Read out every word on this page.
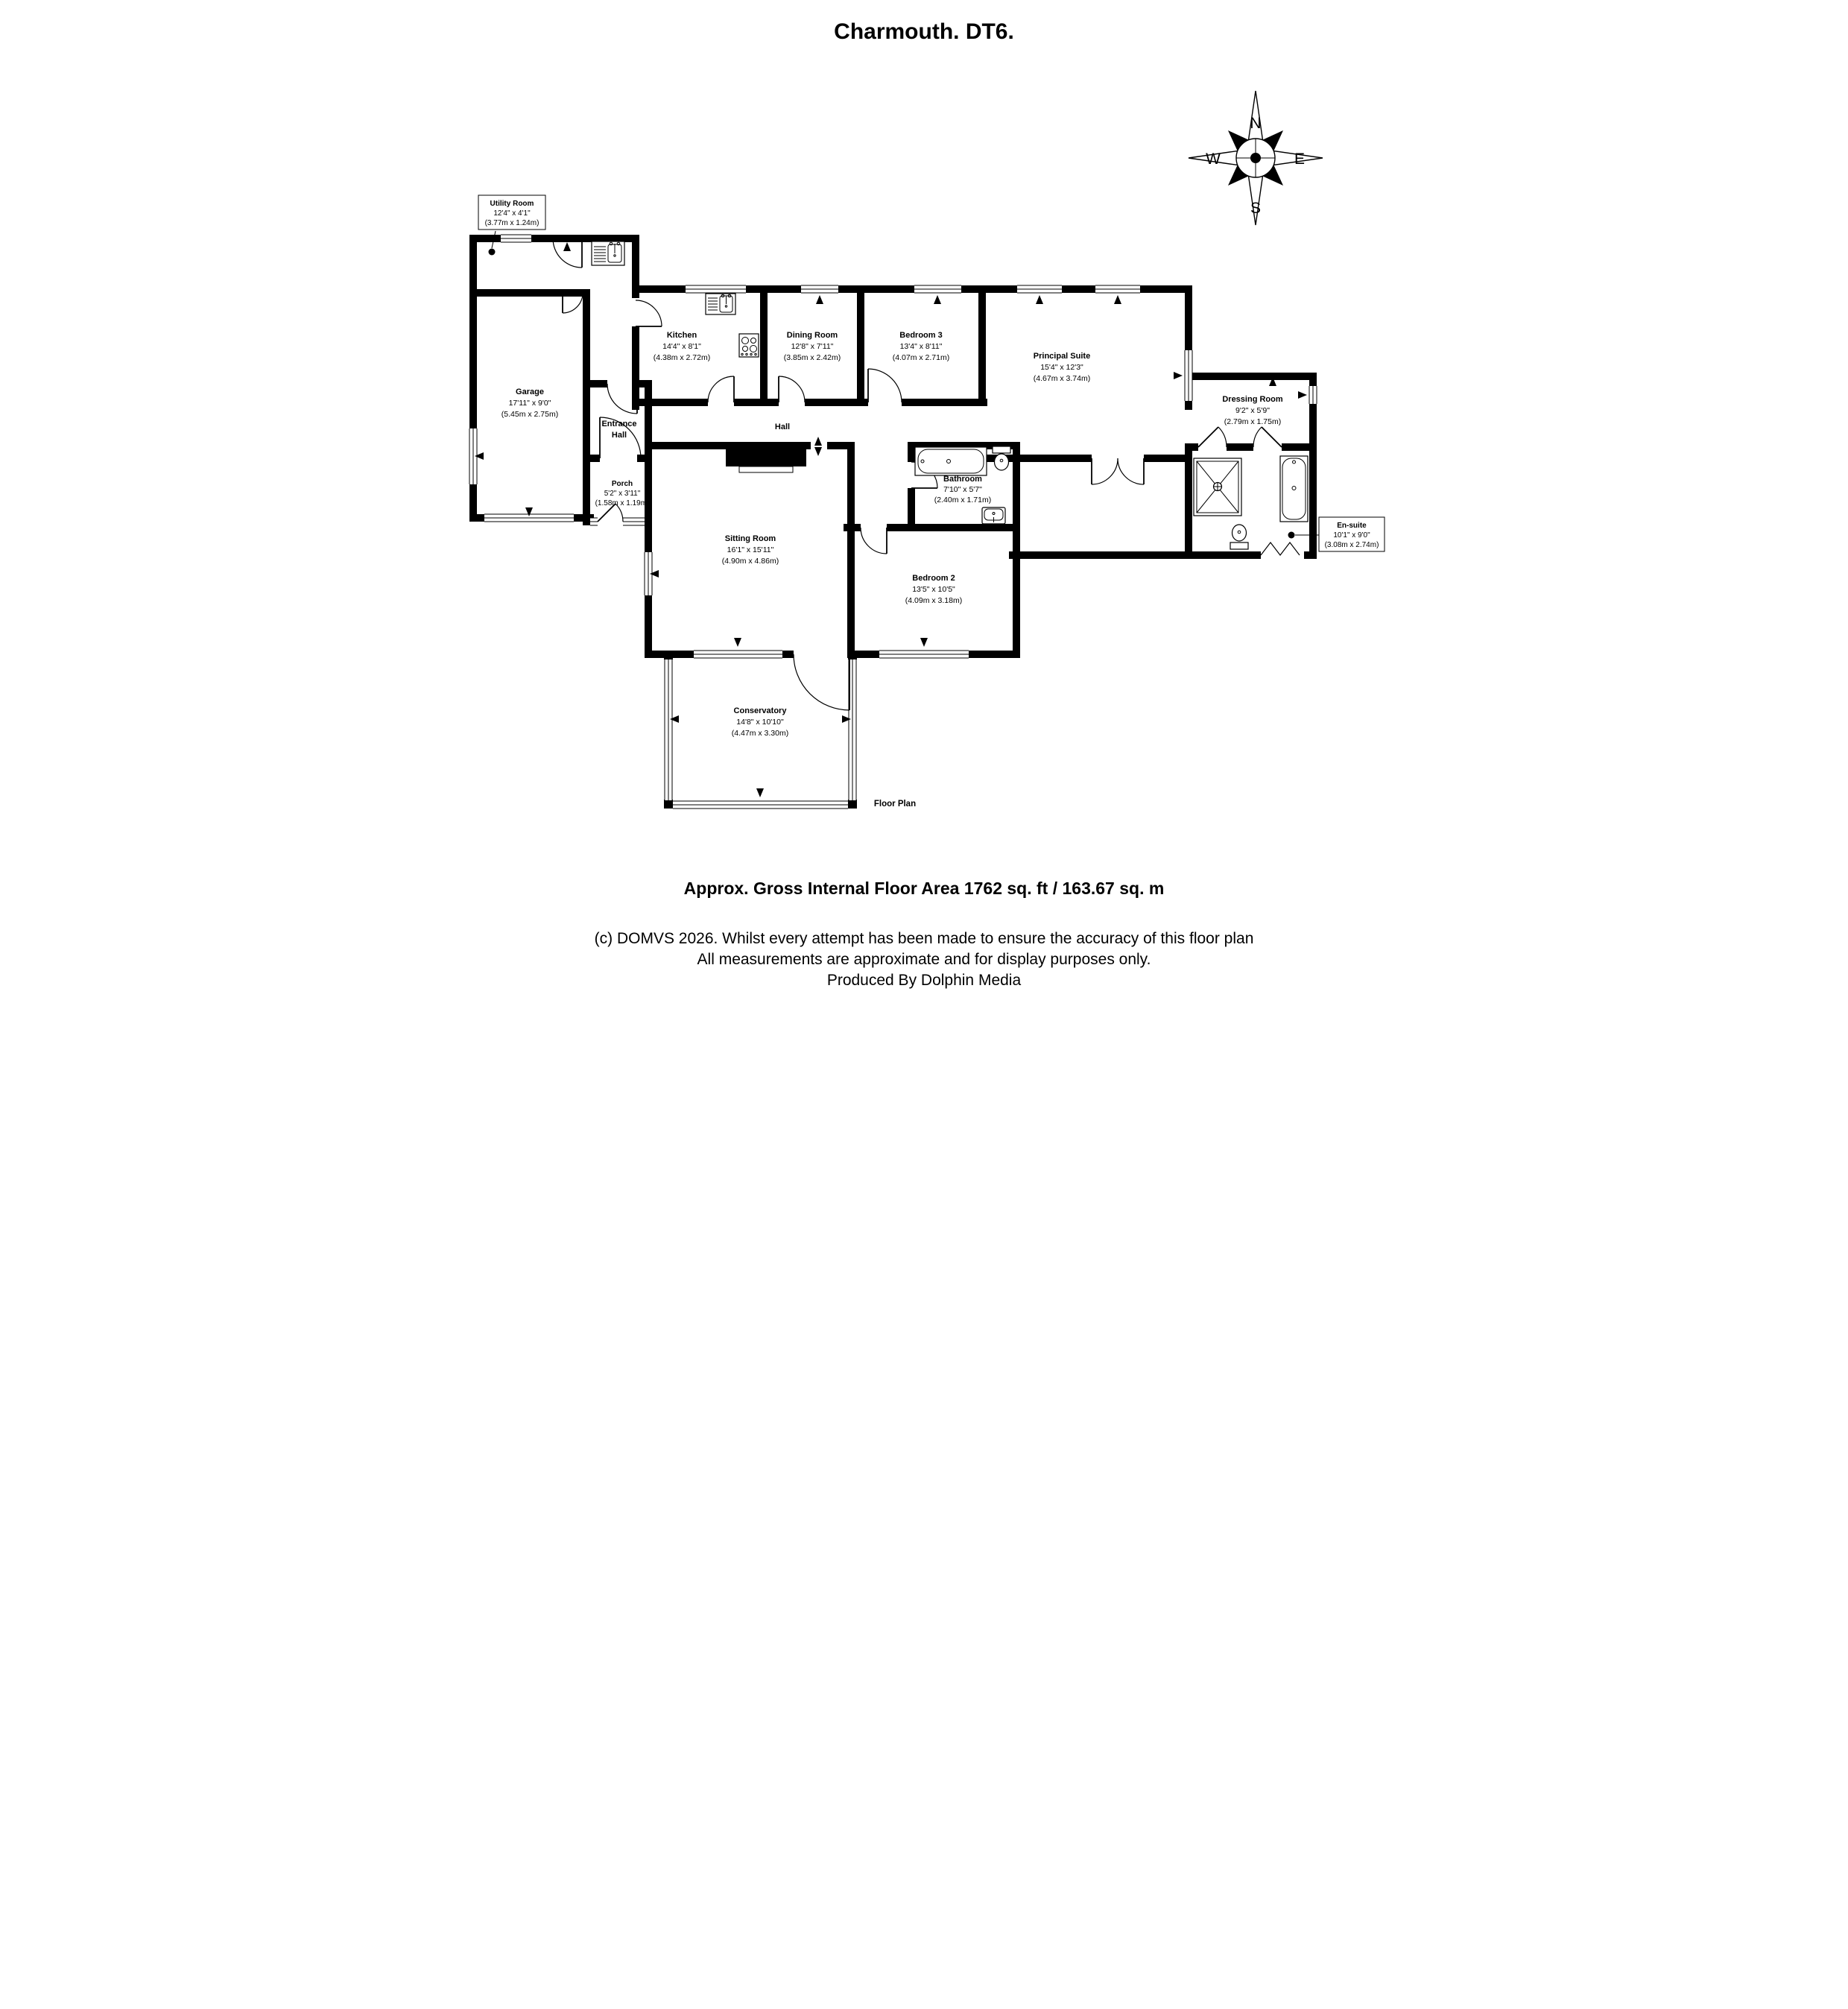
Charmouth. DT6.
N
S
W	E
Utility Room
12'4" x 4'1"
(3.77m x 1.24m)
En-suite
10'1" x 9'0"
(3.08m x 2.74m)
Garage
17'11" x 9'0"
(5.45m x 2.75m)
Kitchen
14'4" x 8'1"
(4.38m x 2.72m)
Dining Room
12'8" x 7'11"
(3.85m x 2.42m)
Bedroom 3
13'4" x 8'11"
(4.07m x 2.71m)	Principal Suite
15'4" x 12'3"
(4.67m x 3.74m)
Dressing Room
9'2" x 5'9"
(2.79m x 1.75m)
Sitting Room
16'1" x 15'11"
(4.90m x 4.86m)
Bedroom 2
13'5" x 10'5"
(4.09m x 3.18m)
Bathroom
7'10" x 5'7"
(2.40m x 1.71m)
Conservatory
14'8" x 10'10"
(4.47m x 3.30m)
Entrance
Hall
Porch
5'2" x 3'11"
(1.58m x 1.19m)
Hall
Floor Plan
Approx. Gross Internal Floor Area 1762 sq. ft / 163.67 sq. m
(c) DOMVS 2026. Whilst every attempt has been made to ensure the accuracy of this floor plan
All measurements are approximate and for display purposes only.
Produced By Dolphin Media
